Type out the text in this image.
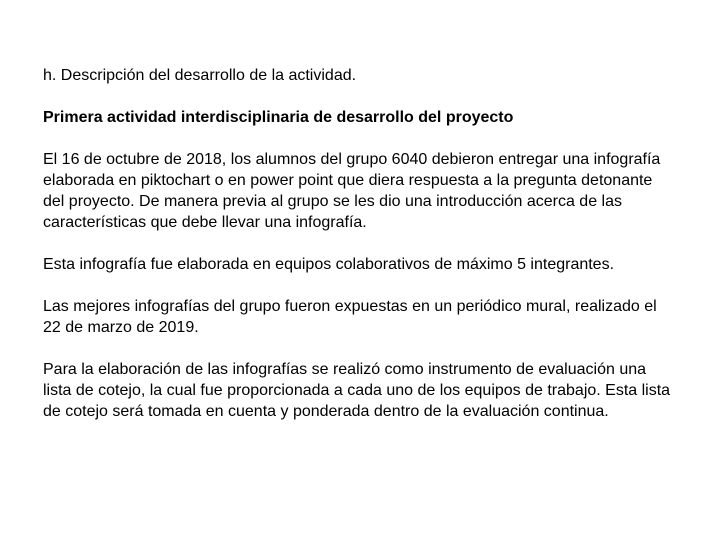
h. Descripción del desarrollo de la actividad.

Primera actividad interdisciplinaria de desarrollo del proyecto

El 16 de octubre de 2018, los alumnos del grupo 6040 debieron entregar una infografía elaborada en piktochart o en power point que diera respuesta a la pregunta detonante del proyecto. De manera previa al grupo se les dio una introducción acerca de las características que debe llevar una infografía.

Esta infografía fue elaborada en equipos colaborativos de máximo 5 integrantes.

Las mejores infografías del grupo fueron expuestas en un periódico mural, realizado el 22 de marzo de 2019.

Para la elaboración de las infografías se realizó como instrumento de evaluación una lista de cotejo, la cual fue proporcionada a cada uno de los equipos de trabajo. Esta lista de cotejo será tomada en cuenta y ponderada dentro de la evaluación continua.
